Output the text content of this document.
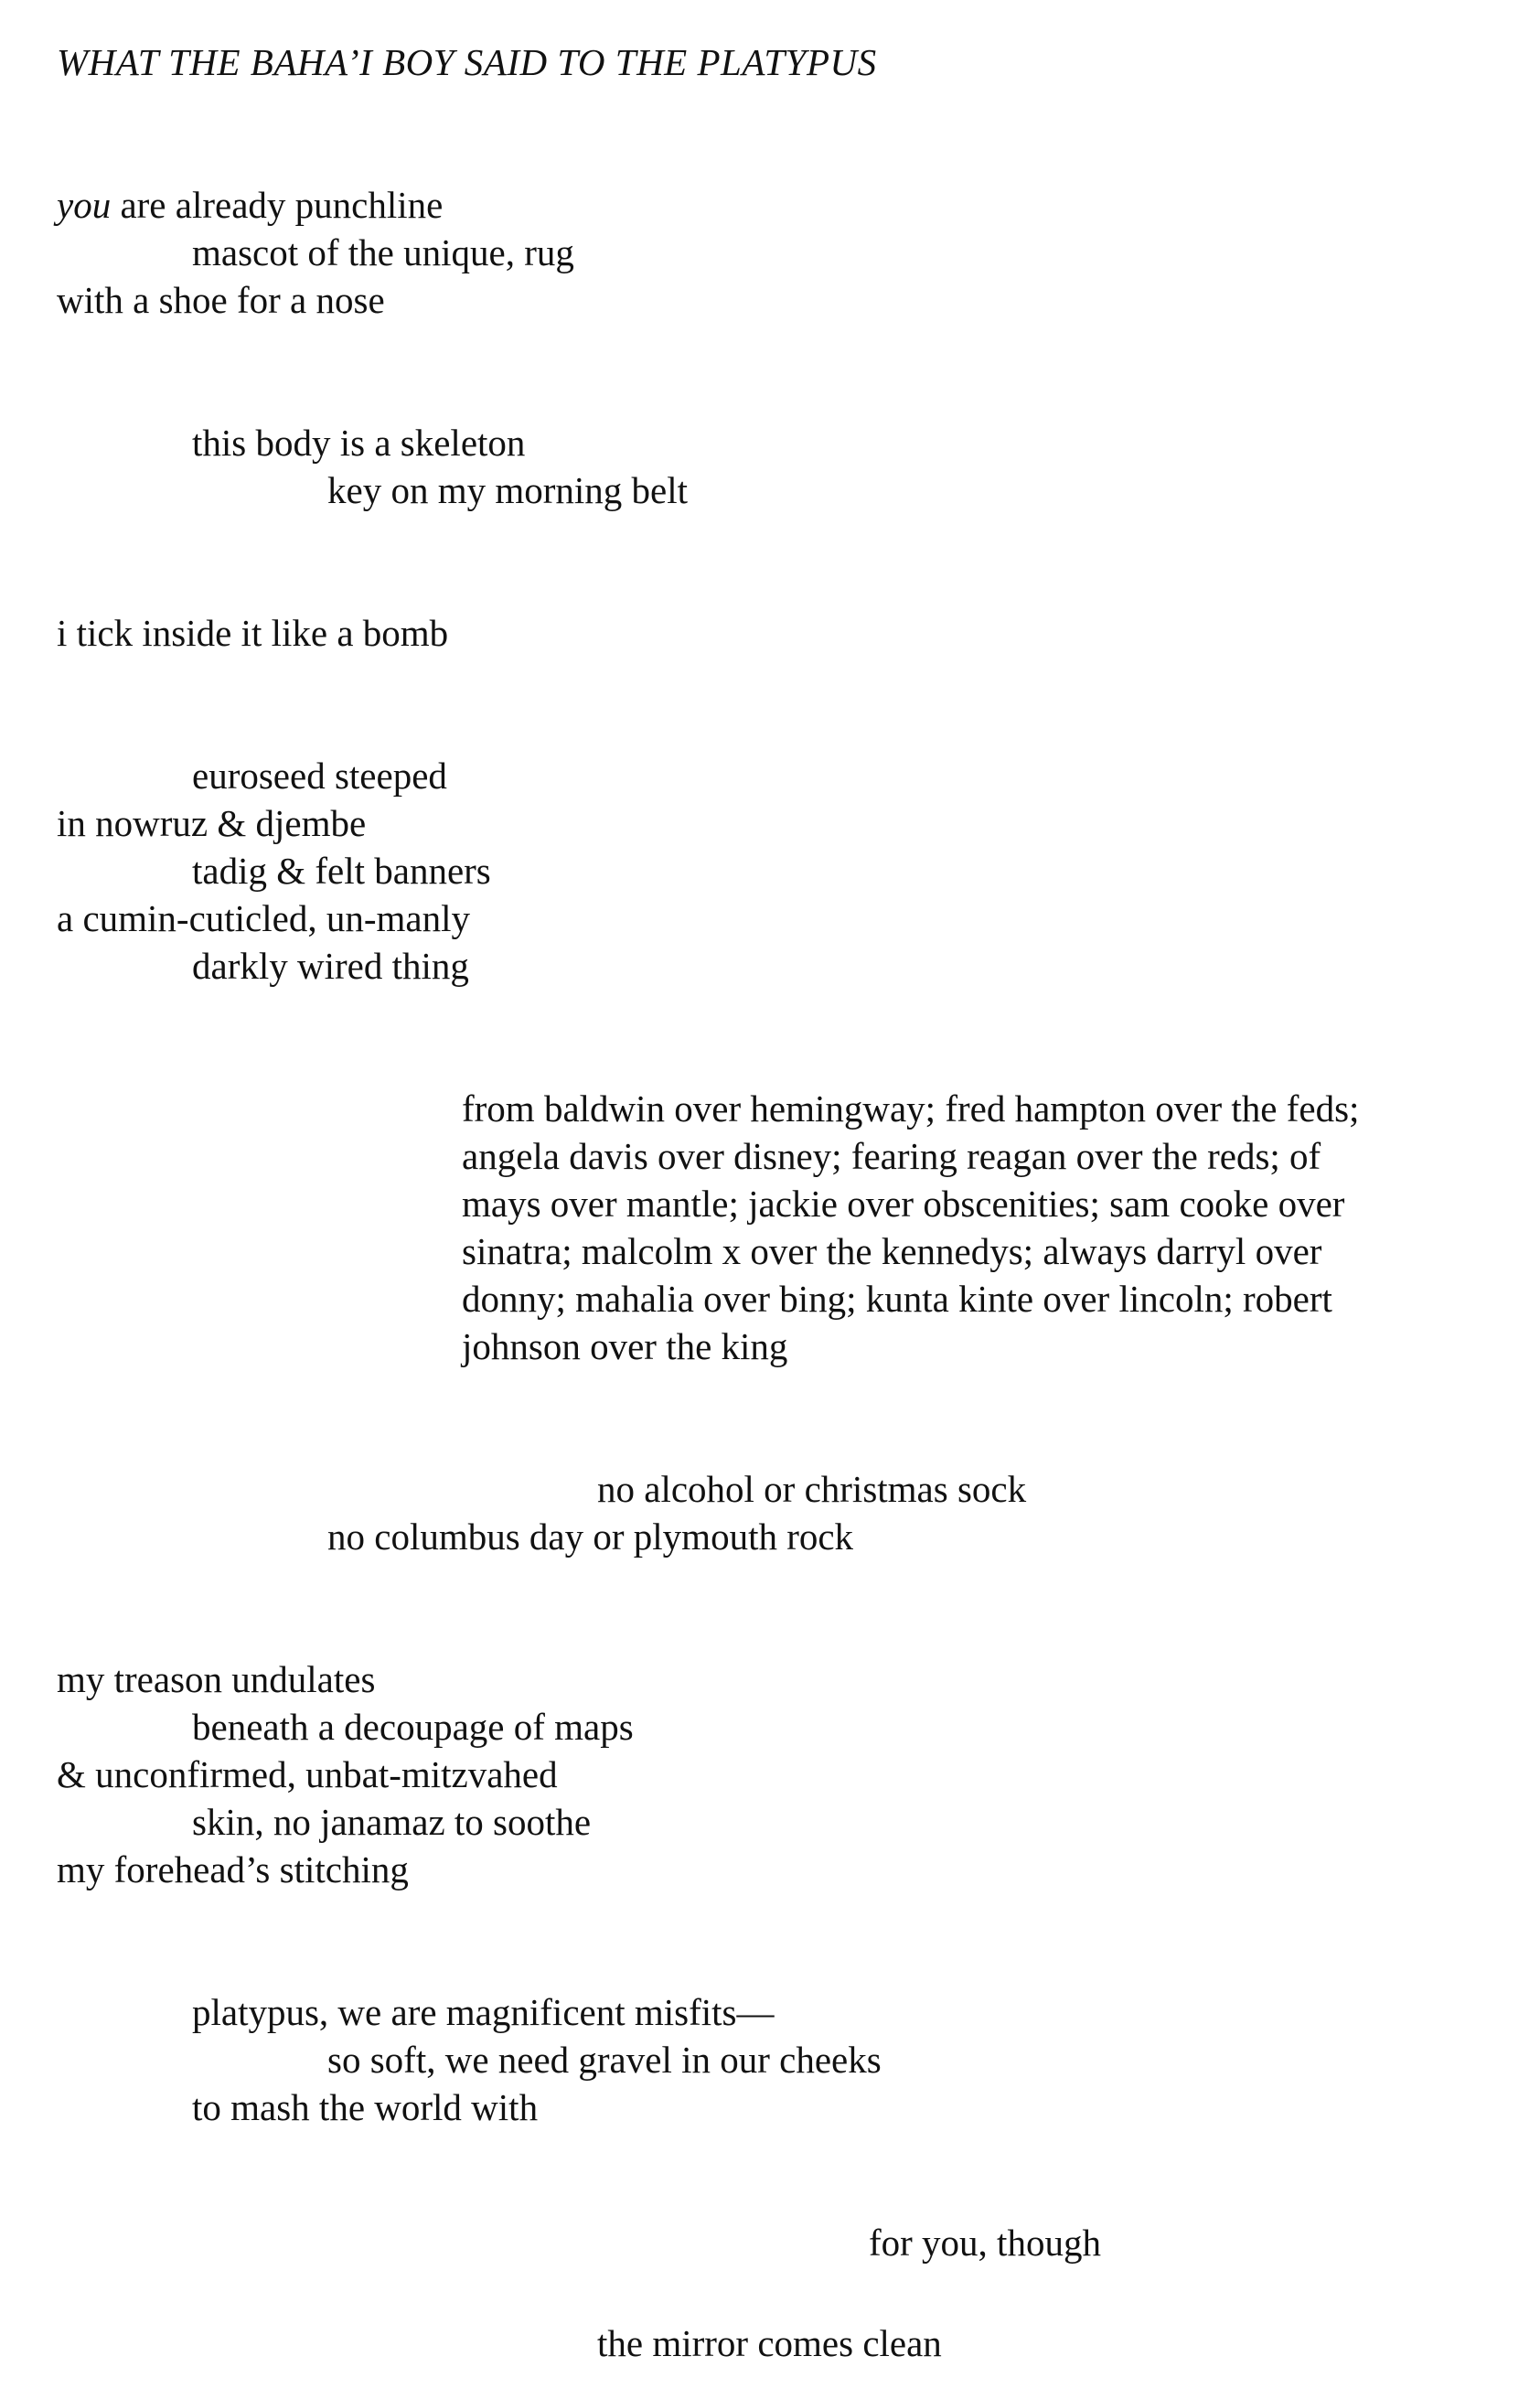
WHAT THE BAHA’I BOY SAID TO THE PLATYPUS
you are already punchline
mascot of the unique, rug
with a shoe for a nose
this body is a skeleton
key on my morning belt
i tick inside it like a bomb
euroseed steeped
in nowruz & djembe
tadig & felt banners
a cumin-cuticled, un-manly
darkly wired thing
from baldwin over hemingway; fred hampton over the feds;
angela davis over disney; fearing reagan over the reds; of
mays over mantle; jackie over obscenities; sam cooke over
sinatra; malcolm x over the kennedys; always darryl over
donny; mahalia over bing; kunta kinte over lincoln; robert
johnson over the king
no alcohol or christmas sock
no columbus day or plymouth rock
my treason undulates
beneath a decoupage of maps
& unconfirmed, unbat-mitzvahed
skin, no janamaz to soothe
my forehead’s stitching
platypus, we are magnificent misfits—
so soft, we need gravel in our cheeks
to mash the world with
for you, though
the mirror comes clean
